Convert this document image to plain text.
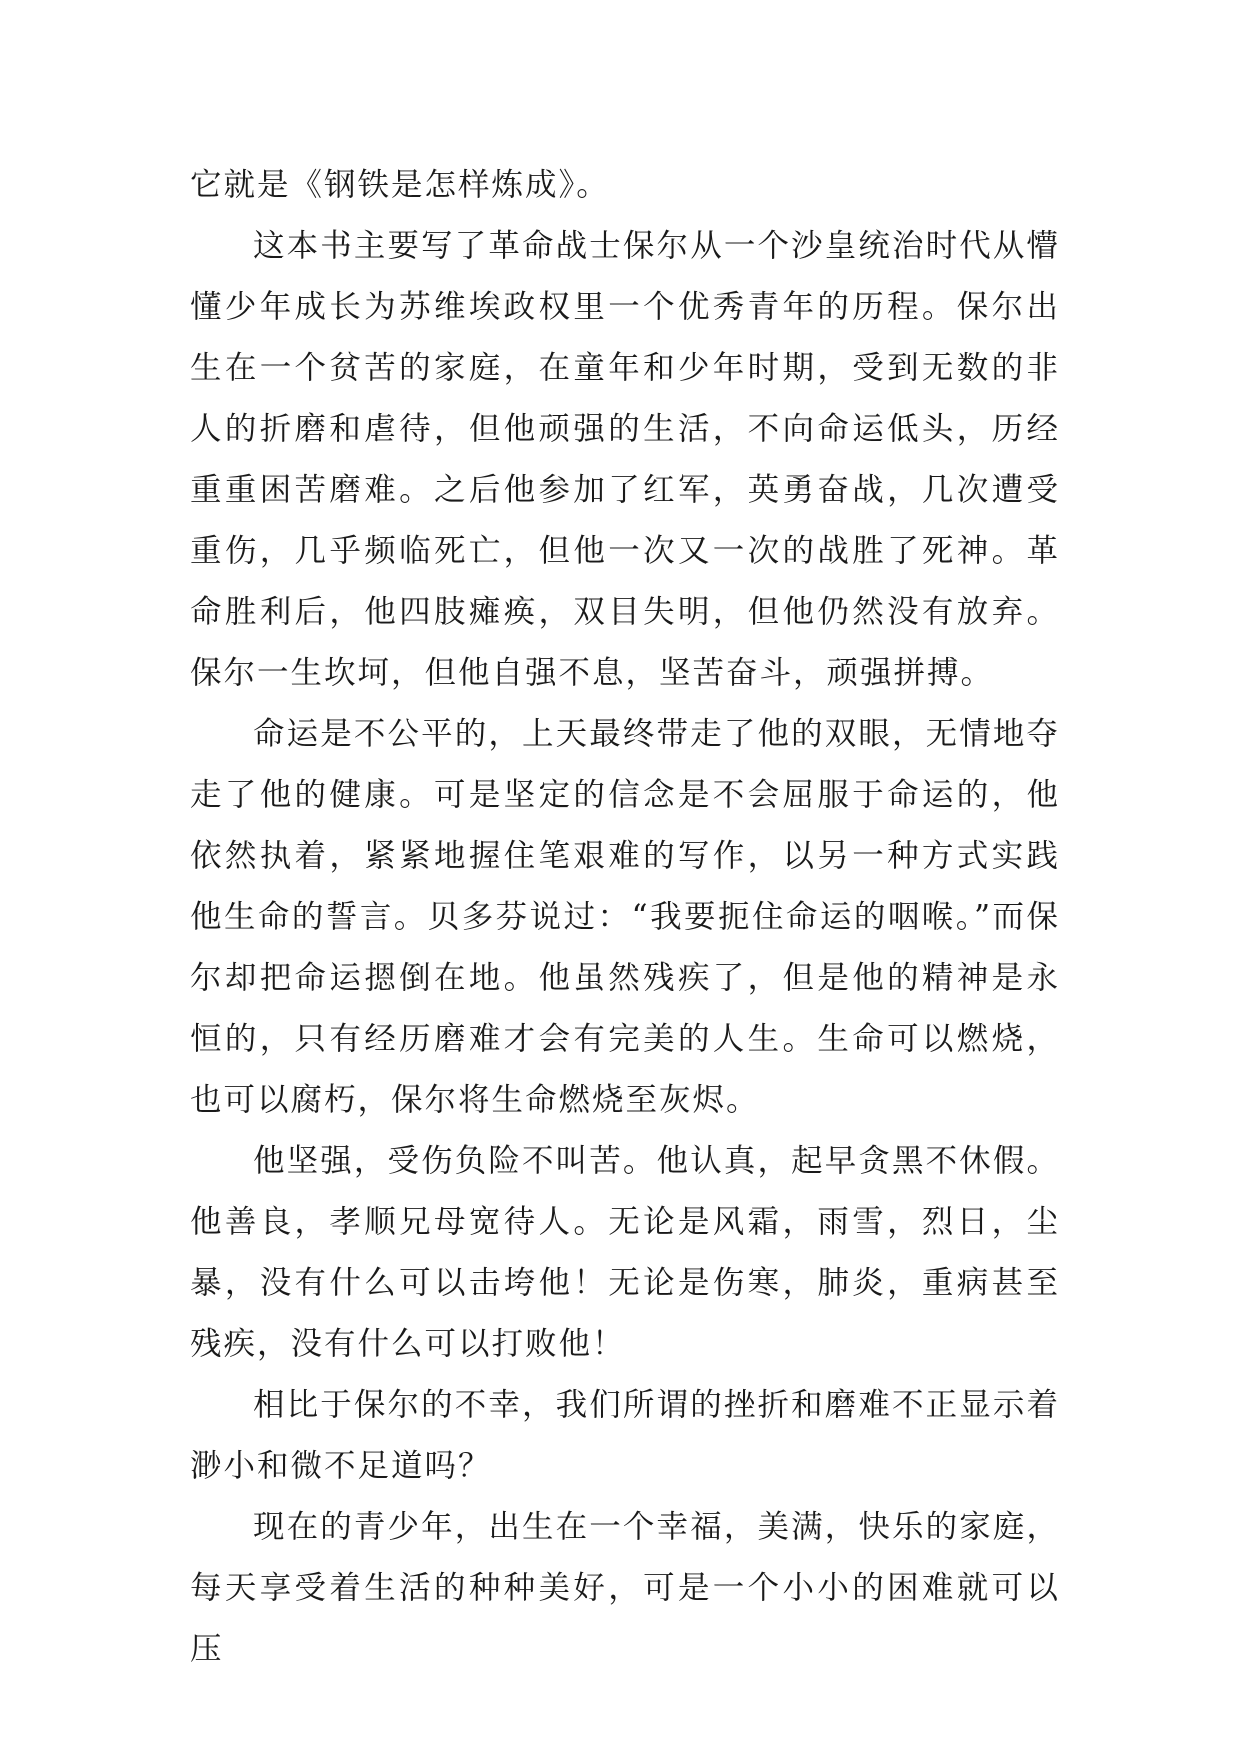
它就是《钢铁是怎样炼成》。

这本书主要写了革命战士保尔从一个沙皇统治时代从懵懂少年成长为苏维埃政权里一个优秀青年的历程。保尔出生在一个贫苦的家庭，在童年和少年时期，受到无数的非人的折磨和虐待，但他顽强的生活，不向命运低头，历经重重困苦磨难。之后他参加了红军，英勇奋战，几次遭受重伤，几乎频临死亡，但他一次又一次的战胜了死神。革命胜利后，他四肢瘫痪，双目失明，但他仍然没有放弃。保尔一生坎坷，但他自强不息，坚苦奋斗，顽强拼搏。

命运是不公平的，上天最终带走了他的双眼，无情地夺走了他的健康。可是坚定的信念是不会屈服于命运的，他依然执着，紧紧地握住笔艰难的写作，以另一种方式实践他生命的誓言。贝多芬说过：“我要扼住命运的咽喉。”而保尔却把命运摁倒在地。他虽然残疾了，但是他的精神是永恒的，只有经历磨难才会有完美的人生。生命可以燃烧，也可以腐朽，保尔将生命燃烧至灰烬。

他坚强，受伤负险不叫苦。他认真，起早贪黑不休假。他善良，孝顺兄母宽待人。无论是风霜，雨雪，烈日，尘暴，没有什么可以击垮他！无论是伤寒，肺炎，重病甚至残疾，没有什么可以打败他！

相比于保尔的不幸，我们所谓的挫折和磨难不正显示着渺小和微不足道吗？

现在的青少年，出生在一个幸福，美满，快乐的家庭，每天享受着生活的种种美好，可是一个小小的困难就可以压
